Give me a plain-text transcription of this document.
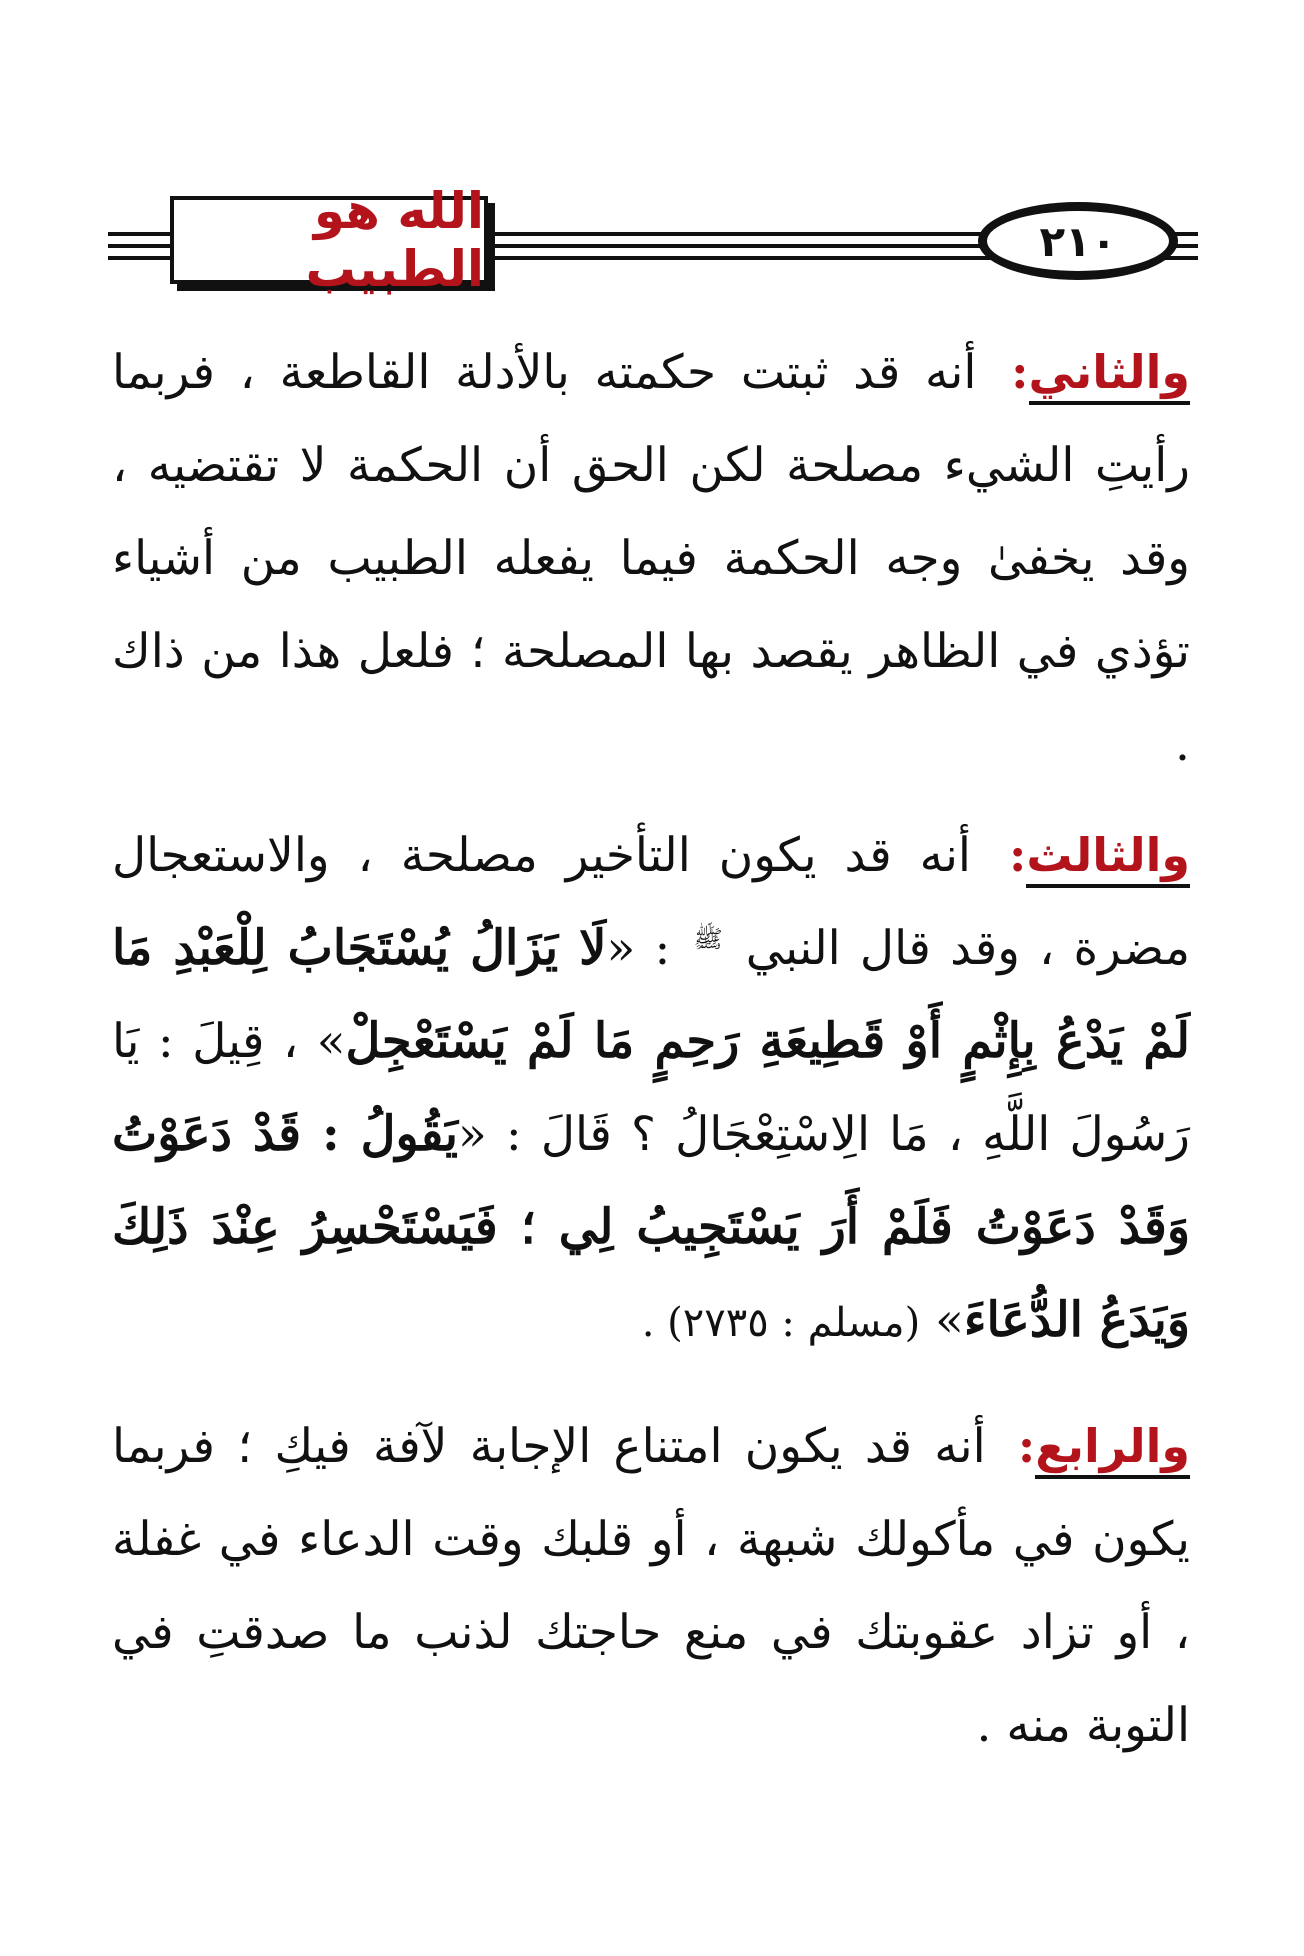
الله هو الطبيب	٢١٠

والثاني: أنه قد ثبتت حكمته بالأدلة القاطعة ، فربما رأيتِ الشيء مصلحة لكن الحق أن الحكمة لا تقتضيه ، وقد يخفىٰ وجه الحكمة فيما يفعله الطبيب من أشياء تؤذي في الظاهر يقصد بها المصلحة ؛ فلعل هذا من ذاك .

والثالث: أنه قد يكون التأخير مصلحة ، والاستعجال مضرة ، وقد قال النبي $^ﷺ$ : «لَا يَزَالُ يُسْتَجَابُ لِلْعَبْدِ مَا لَمْ يَدْعُ بِإِثْمٍ أَوْ قَطِيعَةِ رَحِمٍ مَا لَمْ يَسْتَعْجِلْ» ، قِيلَ : يَا رَسُولَ اللَّهِ ، مَا الِاسْتِعْجَالُ ؟ قَالَ : «يَقُولُ : قَدْ دَعَوْتُ وَقَدْ دَعَوْتُ فَلَمْ أَرَ يَسْتَجِيبُ لِي ؛ فَيَسْتَحْسِرُ عِنْدَ ذَلِكَ وَيَدَعُ الدُّعَاءَ» (مسلم : ٢٧٣٥) .

والرابع: أنه قد يكون امتناع الإجابة لآفة فيكِ ؛ فربما يكون في مأكولك شبهة ، أو قلبك وقت الدعاء في غفلة ، أو تزاد عقوبتك في منع حاجتك لذنب ما صدقتِ في التوبة منه .
